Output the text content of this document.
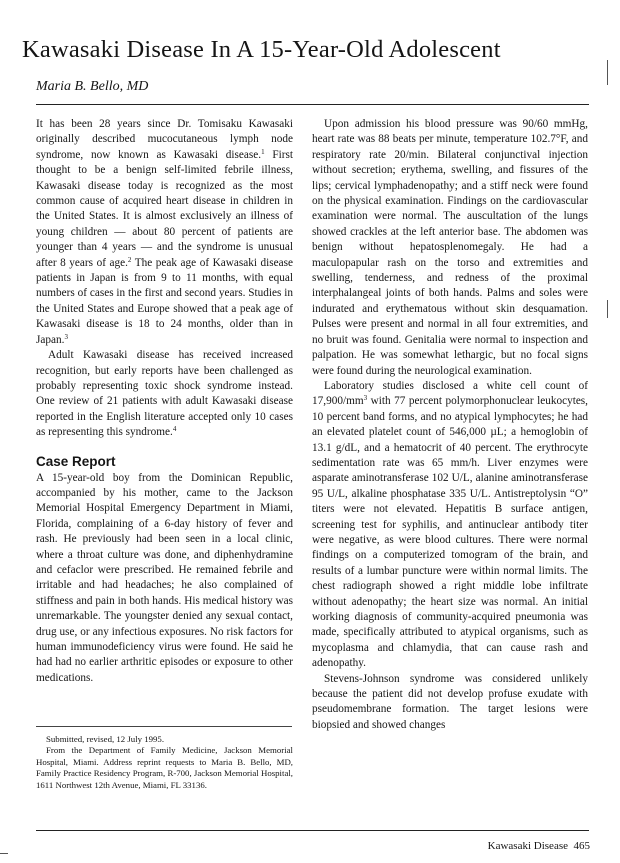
Kawasaki Disease In A 15-Year-Old Adolescent

Maria B. Bello, MD

It has been 28 years since Dr. Tomisaku Kawasaki originally described mucocutaneous lymph node syndrome, now known as Kawasaki disease.$^1$ First thought to be a benign self-limited febrile illness, Kawasaki disease today is recognized as the most common cause of acquired heart disease in children in the United States. It is almost exclusively an illness of young children — about 80 percent of patients are younger than 4 years — and the syndrome is unusual after 8 years of age.$^2$ The peak age of Kawasaki disease patients in Japan is from 9 to 11 months, with equal numbers of cases in the first and second years. Studies in the United States and Europe showed that a peak age of Kawasaki disease is 18 to 24 months, older than in Japan.$^3$

Adult Kawasaki disease has received increased recognition, but early reports have been challenged as probably representing toxic shock syndrome instead. One review of 21 patients with adult Kawasaki disease reported in the English literature accepted only 10 cases as representing this syndrome.$^4$

Case Report

A 15-year-old boy from the Dominican Republic, accompanied by his mother, came to the Jackson Memorial Hospital Emergency Department in Miami, Florida, complaining of a 6-day history of fever and rash. He previously had been seen in a local clinic, where a throat culture was done, and diphenhydramine and cefaclor were prescribed. He remained febrile and irritable and had headaches; he also complained of stiffness and pain in both hands. His medical history was unremarkable. The youngster denied any sexual contact, drug use, or any infectious exposures. No risk factors for human immunodeficiency virus were found. He said he had had no earlier arthritic episodes or exposure to other medications.

Upon admission his blood pressure was 90/60 mmHg, heart rate was 88 beats per minute, temperature 102.7°F, and respiratory rate 20/min. Bilateral conjunctival injection without secretion; erythema, swelling, and fissures of the lips; cervical lymphadenopathy; and a stiff neck were found on the physical examination. Findings on the cardiovascular examination were normal. The auscultation of the lungs showed crackles at the left anterior base. The abdomen was benign without hepatosplenomegaly. He had a maculopapular rash on the torso and extremities and swelling, tenderness, and redness of the proximal interphalangeal joints of both hands. Palms and soles were indurated and erythematous without skin desquamation. Pulses were present and normal in all four extremities, and no bruit was found. Genitalia were normal to inspection and palpation. He was somewhat lethargic, but no focal signs were found during the neurological examination.

Laboratory studies disclosed a white cell count of $17,900/mm^3$ with 77 percent polymorphonuclear leukocytes, 10 percent band forms, and no atypical lymphocytes; he had an elevated platelet count of 546,000 µL; a hemoglobin of 13.1 g/dL, and a hematocrit of 40 percent. The erythrocyte sedimentation rate was 65 mm/h. Liver enzymes were asparate aminotransferase 102 U/L, alanine aminotransferase 95 U/L, alkaline phosphatase 335 U/L. Antistreptolysin “O” titers were not elevated. Hepatitis B surface antigen, screening test for syphilis, and antinuclear antibody titer were negative, as were blood cultures. There were normal findings on a computerized tomogram of the brain, and results of a lumbar puncture were within normal limits. The chest radiograph showed a right middle lobe infiltrate without adenopathy; the heart size was normal. An initial working diagnosis of community-acquired pneumonia was made, specifically attributed to atypical organisms, such as mycoplasma and chlamydia, that can cause rash and adenopathy.

Stevens-Johnson syndrome was considered unlikely because the patient did not develop profuse exudate with pseudomembrane formation. The target lesions were biopsied and showed changes

Submitted, revised, 12 July 1995.

From the Department of Family Medicine, Jackson Memorial Hospital, Miami. Address reprint requests to Maria B. Bello, MD, Family Practice Residency Program, R-700, Jackson Memorial Hospital, 1611 Northwest 12th Avenue, Miami, FL 33136.

Kawasaki Disease 465
